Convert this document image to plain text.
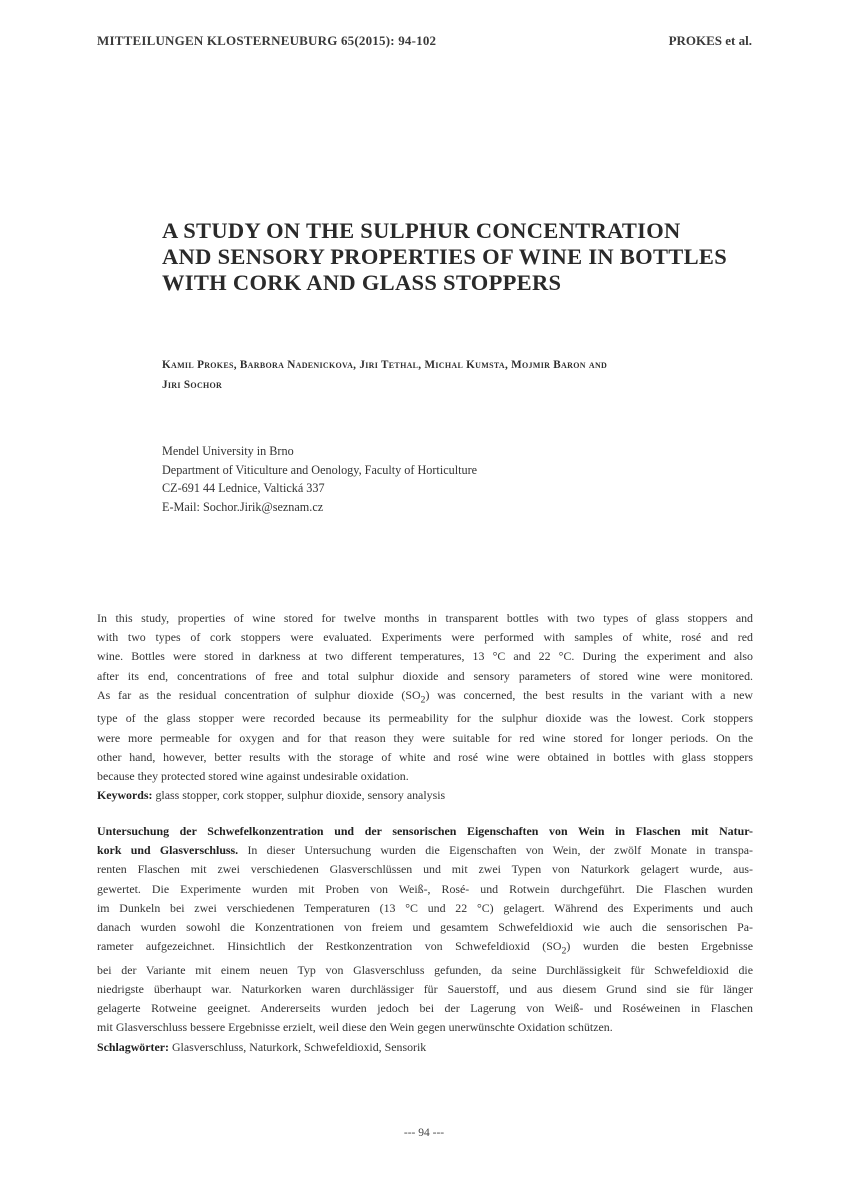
MITTEILUNGEN KLOSTERNEUBURG 65(2015): 94-102	PROKES et al.
A STUDY ON THE SULPHUR CONCENTRATION
AND SENSORY PROPERTIES OF WINE IN BOTTLES
WITH CORK AND GLASS STOPPERS
Kamil Prokes, Barbora Nadenickova, Jiri Tethal, Michal Kumsta, Mojmir Baron and
Jiri Sochor
Mendel University in Brno
Department of Viticulture and Oenology, Faculty of Horticulture
CZ-691 44 Lednice, Valtická 337
E-Mail: Sochor.Jirik@seznam.cz
In this study, properties of wine stored for twelve months in transparent bottles with two types of glass stoppers and
with two types of cork stoppers were evaluated. Experiments were performed with samples of white, rosé and red
wine. Bottles were stored in darkness at two different temperatures, 13 °C and 22 °C. During the experiment and also
after its end, concentrations of free and total sulphur dioxide and sensory parameters of stored wine were monitored.
As far as the residual concentration of sulphur dioxide $(SO_2)$ was concerned, the best results in the variant with a new
type of the glass stopper were recorded because its permeability for the sulphur dioxide was the lowest. Cork stoppers
were more permeable for oxygen and for that reason they were suitable for red wine stored for longer periods. On the
other hand, however, better results with the storage of white and rosé wine were obtained in bottles with glass stoppers
because they protected stored wine against undesirable oxidation.
Keywords: glass stopper, cork stopper, sulphur dioxide, sensory analysis
Untersuchung der Schwefelkonzentration und der sensorischen Eigenschaften von Wein in Flaschen mit Natur-
kork und Glasverschluss. In dieser Untersuchung wurden die Eigenschaften von Wein, der zwölf Monate in transpa-
renten Flaschen mit zwei verschiedenen Glasverschlüssen und mit zwei Typen von Naturkork gelagert wurde, aus-
gewertet. Die Experimente wurden mit Proben von Weiß-, Rosé- und Rotwein durchgeführt. Die Flaschen wurden
im Dunkeln bei zwei verschiedenen Temperaturen (13 °C und 22 °C) gelagert. Während des Experiments und auch
danach wurden sowohl die Konzentrationen von freiem und gesamtem Schwefeldioxid wie auch die sensorischen Pa-
rameter aufgezeichnet. Hinsichtlich der Restkonzentration von Schwefeldioxid $(SO_2)$ wurden die besten Ergebnisse
bei der Variante mit einem neuen Typ von Glasverschluss gefunden, da seine Durchlässigkeit für Schwefeldioxid die
niedrigste überhaupt war. Naturkorken waren durchlässiger für Sauerstoff, und aus diesem Grund sind sie für länger
gelagerte Rotweine geeignet. Andererseits wurden jedoch bei der Lagerung von Weiß- und Roséweinen in Flaschen
mit Glasverschluss bessere Ergebnisse erzielt, weil diese den Wein gegen unerwünschte Oxidation schützen.
Schlagwörter: Glasverschluss, Naturkork, Schwefeldioxid, Sensorik
--- 94 ---
